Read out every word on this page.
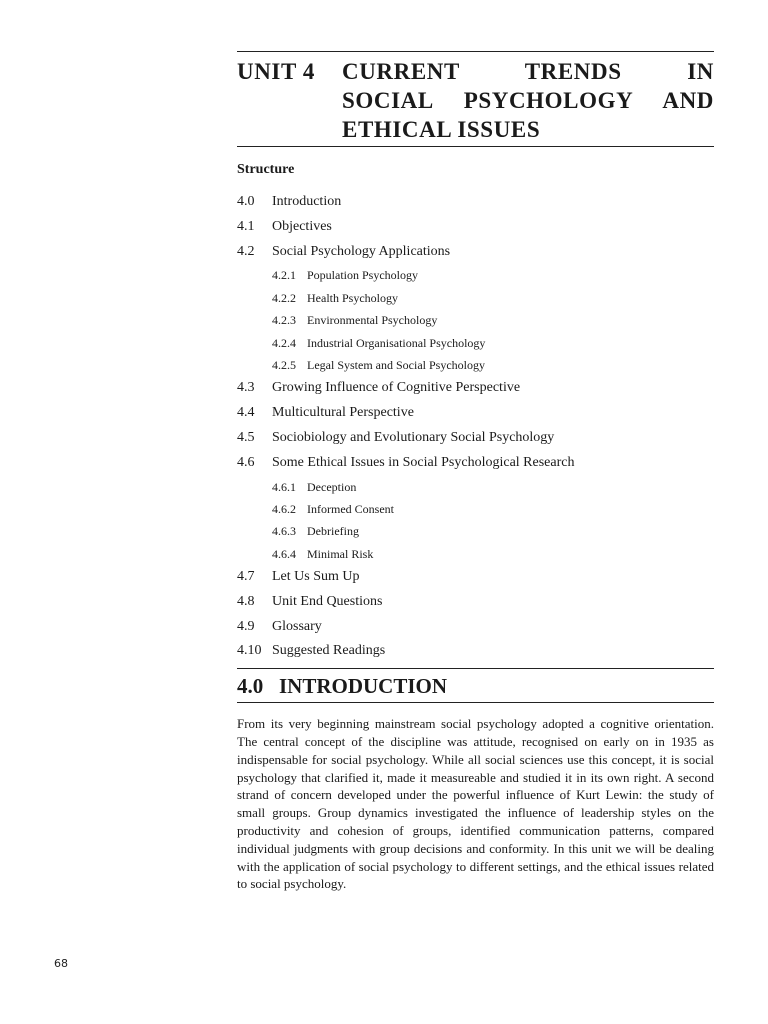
UNIT 4	CURRENT TRENDS IN
SOCIAL PSYCHOLOGY AND
ETHICAL ISSUES
Structure
4.0	Introduction
4.1	Objectives
4.2	Social Psychology Applications
4.2.1 Population Psychology
4.2.2 Health Psychology
4.2.3 Environmental Psychology
4.2.4 Industrial Organisational Psychology
4.2.5 Legal System and Social Psychology
4.3	Growing Influence of Cognitive Perspective
4.4	Multicultural Perspective
4.5	Sociobiology and Evolutionary Social Psychology
4.6	Some Ethical Issues in Social Psychological Research
4.6.1 Deception
4.6.2 Informed Consent
4.6.3 Debriefing
4.6.4 Minimal Risk
4.7	Let Us Sum Up
4.8	Unit End Questions
4.9	Glossary
4.10 Suggested Readings
4.0 INTRODUCTION

From its very beginning mainstream social psychology adopted a cognitive orientation. The central concept of the discipline was attitude, recognised on early on in 1935 as indispensable for social psychology. While all social sciences use this concept, it is social psychology that clarified it, made it measureable and studied it in its own right. A second strand of concern developed under the powerful influence of Kurt Lewin: the study of small groups. Group dynamics investigated the influence of leadership styles on the productivity and cohesion of groups, identified communication patterns, compared individual judgments with group decisions and conformity. In this unit we will be dealing with the application of social psychology to different settings, and the ethical issues related to social psychology.

68
